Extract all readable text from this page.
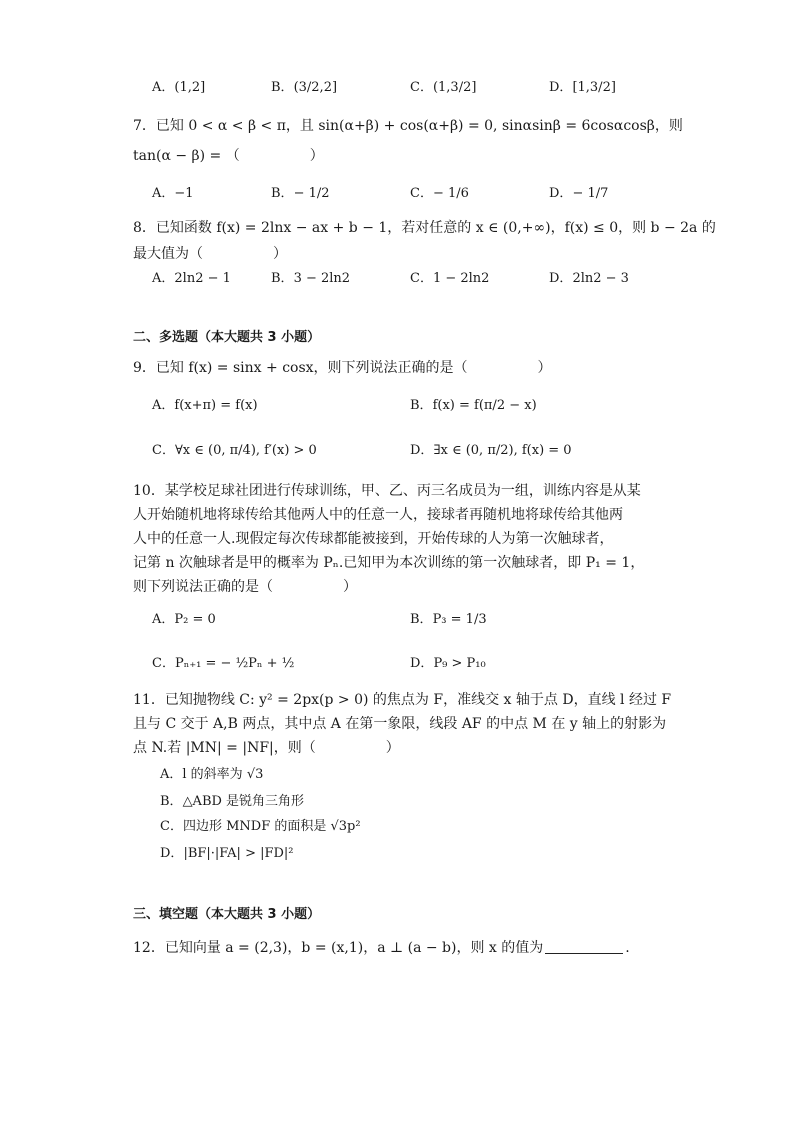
A．(1,2]	B．(3/2,2]	C．(1,3/2]	D．[1,3/2]
7．已知 0 < α < β < π，且 sin(α+β) + cos(α+β) = 0, sinαsinβ = 6cosαcosβ，则
tan(α − β) = （　　　　　）
A．−1	B．− 1/2	C．− 1/6	D．− 1/7
8．已知函数 f(x) = 2lnx − ax + b − 1，若对任意的 x ∈ (0,+∞)，f(x) ≤ 0，则 b − 2a 的
最大值为（　　　　　）
A．2ln2 − 1	B．3 − 2ln2	C．1 − 2ln2	D．2ln2 − 3
二、多选题（本大题共 3 小题）
9．已知 f(x) = sinx + cosx，则下列说法正确的是（　　　　　）
A．f(x+π) = f(x)	B．f(x) = f(π/2 − x)
C．∀x ∈ (0, π/4), f′(x) > 0	D．∃x ∈ (0, π/2), f(x) = 0
10．某学校足球社团进行传球训练，甲、乙、丙三名成员为一组，训练内容是从某
人开始随机地将球传给其他两人中的任意一人，接球者再随机地将球传给其他两
人中的任意一人.现假定每次传球都能被接到，开始传球的人为第一次触球者，
记第 n 次触球者是甲的概率为 Pₙ.已知甲为本次训练的第一次触球者，即 P₁ = 1，
则下列说法正确的是（　　　　　）
A．P₂ = 0	B．P₃ = 1/3
C．Pₙ₊₁ = − ½Pₙ + ½	D．P₉ > P₁₀
11．已知抛物线 C: y² = 2px(p > 0) 的焦点为 F，准线交 x 轴于点 D，直线 l 经过 F
且与 C 交于 A,B 两点，其中点 A 在第一象限，线段 AF 的中点 M 在 y 轴上的射影为
点 N.若 |MN| = |NF|，则（　　　　　）
A．l 的斜率为 √3
B．△ABD 是锐角三角形
C．四边形 MNDF 的面积是 √3p²
D．|BF|·|FA| > |FD|²
三、填空题（本大题共 3 小题）
12．已知向量 a = (2,3)，b = (x,1)，a ⊥ (a − b)，则 x 的值为	.
